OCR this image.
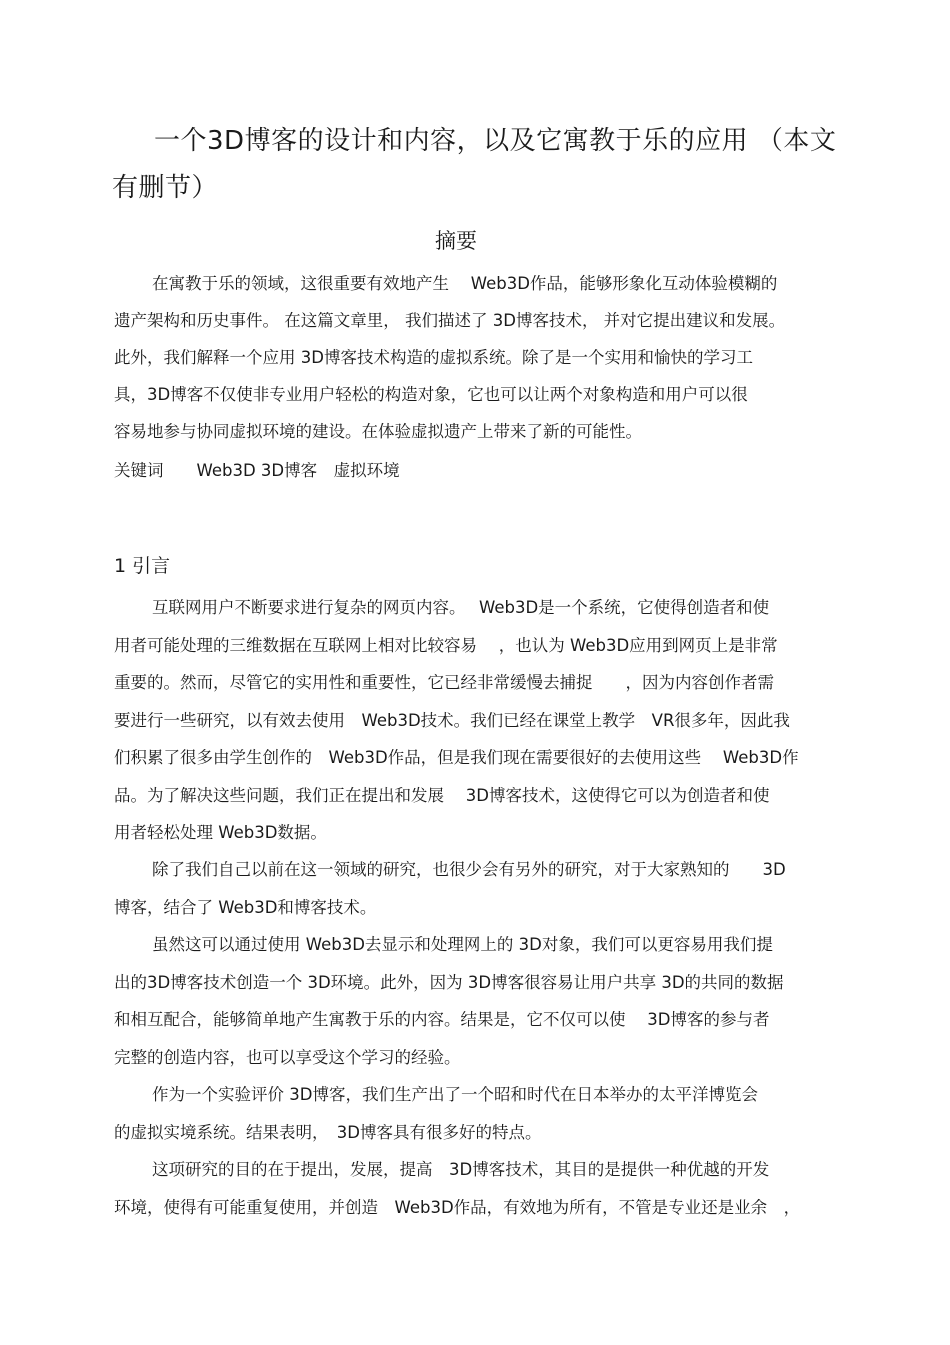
一个3D博客的设计和内容，以及它寓教于乐的应用 （本文有删节）
摘要

在寓教于乐的领域，这很重要有效地产生　 Web3D作品，能够形象化互动体验模糊的

遗产架构和历史事件。 在这篇文章里， 我们描述了 3D博客技术， 并对它提出建议和发展。

此外，我们解释一个应用 3D博客技术构造的虚拟系统。除了是一个实用和愉快的学习工

具，3D博客不仅使非专业用户轻松的构造对象，它也可以让两个对象构造和用户可以很

容易地参与协同虚拟环境的建设。在体验虚拟遗产上带来了新的可能性。

关键词　　Web3D 3D博客　虚拟环境

1 引言

互联网用户不断要求进行复杂的网页内容。　 Web3D是一个系统，它使得创造者和使

用者可能处理的三维数据在互联网上相对比较容易　 ，也认为 Web3D应用到网页上是非常

重要的。然而，尽管它的实用性和重要性，它已经非常缓慢去捕捉　　，因为内容创作者需

要进行一些研究，以有效去使用　Web3D技术。我们已经在课堂上教学　VR很多年，因此我

们积累了很多由学生创作的　Web3D作品，但是我们现在需要很好的去使用这些　 Web3D作

品。为了解决这些问题，我们正在提出和发展　 3D博客技术，这使得它可以为创造者和使

用者轻松处理 Web3D数据。

除了我们自己以前在这一领域的研究，也很少会有另外的研究，对于大家熟知的　　3D

博客，结合了 Web3D和博客技术。

虽然这可以通过使用 Web3D去显示和处理网上的 3D对象，我们可以更容易用我们提

出的3D博客技术创造一个 3D环境。此外，因为 3D博客很容易让用户共享 3D的共同的数据

和相互配合，能够简单地产生寓教于乐的内容。结果是，它不仅可以使　 3D博客的参与者

完整的创造内容，也可以享受这个学习的经验。

作为一个实验评价 3D博客，我们生产出了一个昭和时代在日本举办的太平洋博览会

的虚拟实境系统。结果表明，　3D博客具有很多好的特点。

这项研究的目的在于提出，发展，提高　3D博客技术，其目的是提供一种优越的开发

环境，使得有可能重复使用，并创造　Web3D作品，有效地为所有，不管是专业还是业余　，
